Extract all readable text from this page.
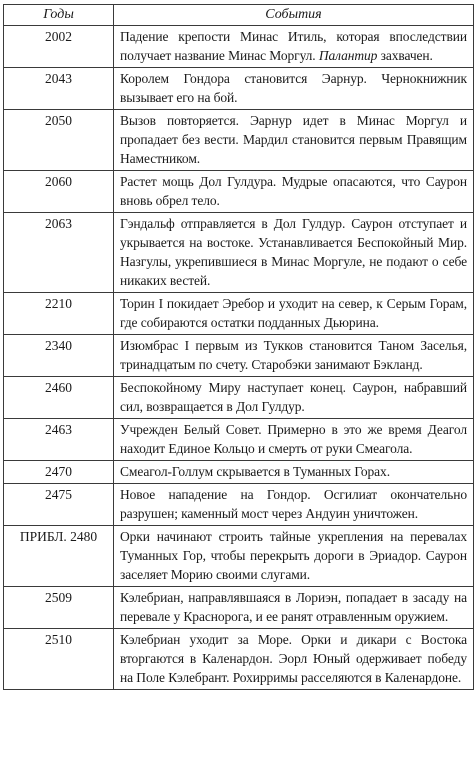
Годы	События
2002	Падение крепости Минас Итиль, которая впоследствии получает название Минас Моргул. Палантир захвачен.
2043	Королем Гондора становится Эарнур. Чернокнижник вызывает его на бой.
2050	Вызов повторяется. Эарнур идет в Минас Моргул и пропадает без вести. Мардил становится первым Правящим Наместником.
2060	Растет мощь Дол Гулдура. Мудрые опасаются, что Саурон вновь обрел тело.
2063	Гэндальф отправляется в Дол Гулдур. Саурон отступает и укрывается на востоке. Устанавливается Беспокойный Мир. Назгулы, укрепившиеся в Минас Моргуле, не подают о себе никаких вестей.
2210	Торин I покидает Эребор и уходит на север, к Серым Горам, где собираются остатки подданных Дьюрина.
2340	Изюмбрас I первым из Тукков становится Таном Заселья, тринадцатым по счету. Старобэки занимают Бэкланд.
2460	Беспокойному Миру наступает конец. Саурон, набравший сил, возвращается в Дол Гулдур.
2463	Учрежден Белый Совет. Примерно в это же время Деагол находит Единое Кольцо и смерть от руки Смеагола.
2470	Смеагол-Голлум скрывается в Туманных Горах.
2475	Новое нападение на Гондор. Осгилиат окончательно разрушен; каменный мост через Андуин уничтожен.
ПРИБЛ. 2480	Орки начинают строить тайные укрепления на перевалах Туманных Гор, чтобы перекрыть дороги в Эриадор. Саурон заселяет Морию своими слугами.
2509	Кэлебриан, направлявшаяся в Лориэн, попадает в засаду на перевале у Краснорога, и ее ранят отравленным оружием.
2510	Кэлебриан уходит за Море. Орки и дикари с Востока вторгаются в Каленардон. Эорл Юный одерживает победу на Поле Кэлебрант. Рохирримы расселяются в Каленардоне.
